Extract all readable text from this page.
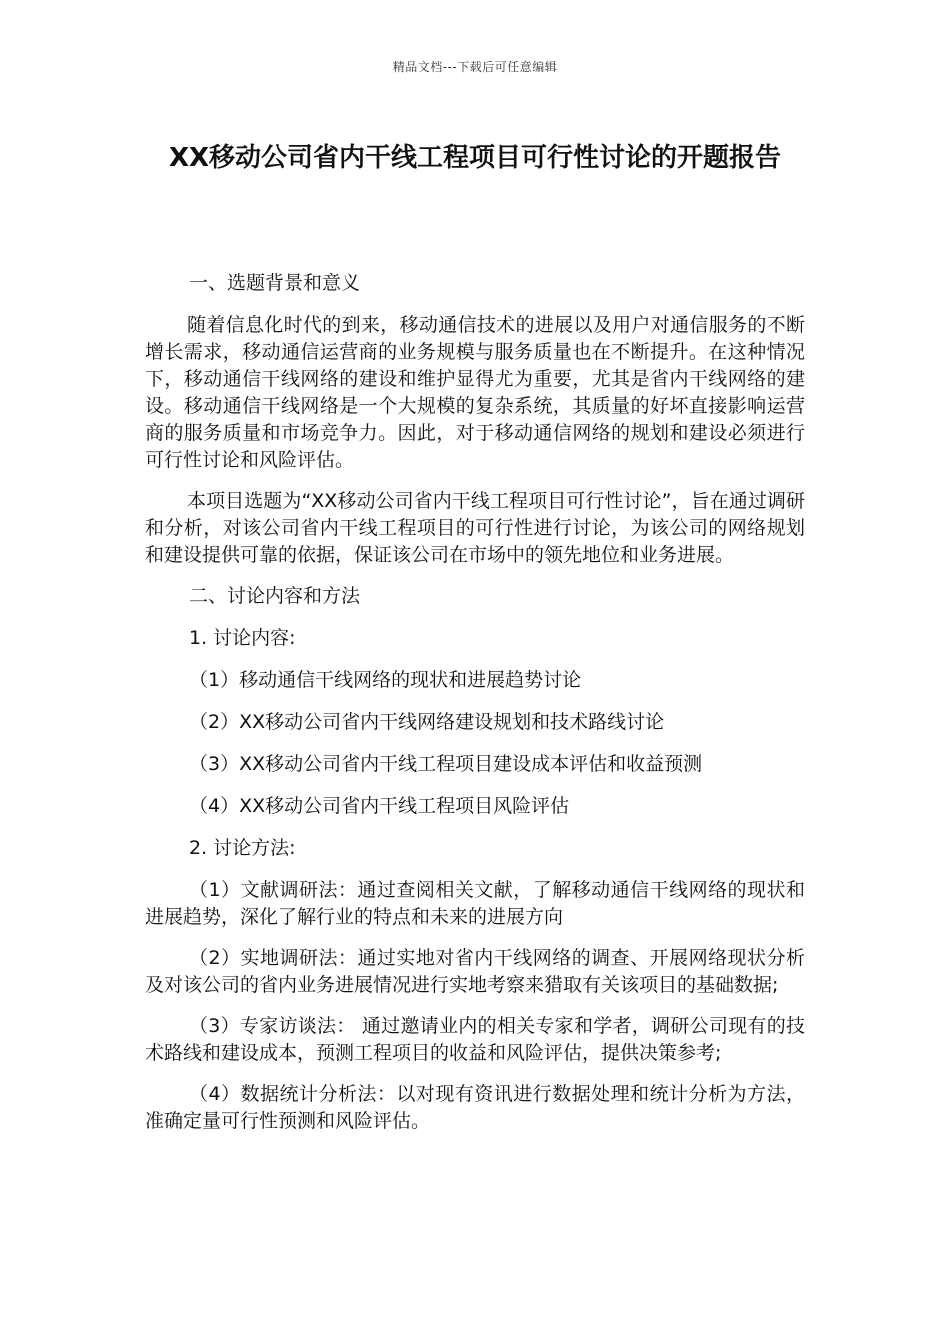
精品文档---下载后可任意编辑
XX移动公司省内干线工程项目可行性讨论的开题报告

一、选题背景和意义

随着信息化时代的到来，移动通信技术的进展以及用户对通信服务的不断增长需求，移动通信运营商的业务规模与服务质量也在不断提升。在这种情况下，移动通信干线网络的建设和维护显得尤为重要，尤其是省内干线网络的建设。移动通信干线网络是一个大规模的复杂系统，其质量的好坏直接影响运营商的服务质量和市场竞争力。因此，对于移动通信网络的规划和建设必须进行可行性讨论和风险评估。

本项目选题为“XX移动公司省内干线工程项目可行性讨论”，旨在通过调研和分析，对该公司省内干线工程项目的可行性进行讨论，为该公司的网络规划和建设提供可靠的依据，保证该公司在市场中的领先地位和业务进展。

二、讨论内容和方法

1. 讨论内容:

（1）移动通信干线网络的现状和进展趋势讨论

（2）XX移动公司省内干线网络建设规划和技术路线讨论

（3）XX移动公司省内干线工程项目建设成本评估和收益预测

（4）XX移动公司省内干线工程项目风险评估

2. 讨论方法:

（1）文献调研法：通过查阅相关文献，了解移动通信干线网络的现状和进展趋势，深化了解行业的特点和未来的进展方向

（2）实地调研法：通过实地对省内干线网络的调查、开展网络现状分析及对该公司的省内业务进展情况进行实地考察来猎取有关该项目的基础数据;

（3）专家访谈法： 通过邀请业内的相关专家和学者，调研公司现有的技术路线和建设成本，预测工程项目的收益和风险评估，提供决策参考;

（4）数据统计分析法：以对现有资讯进行数据处理和统计分析为方法，准确定量可行性预测和风险评估。
